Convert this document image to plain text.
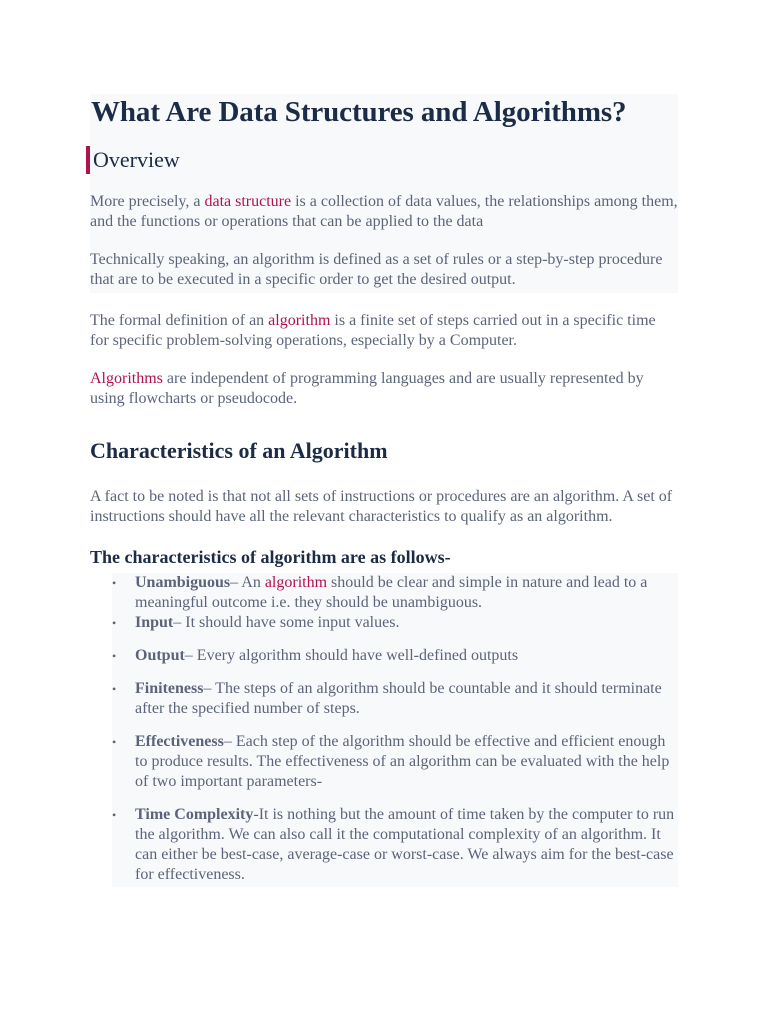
What Are Data Structures and Algorithms?
Overview

More precisely, a data structure is a collection of data values, the relationships among them, and the functions or operations that can be applied to the data

Technically speaking, an algorithm is defined as a set of rules or a step-by-step procedure that are to be executed in a specific order to get the desired output.

The formal definition of an algorithm is a finite set of steps carried out in a specific time for specific problem-solving operations, especially by a Computer.

Algorithms are independent of programming languages and are usually represented by using flowcharts or pseudocode.

Characteristics of an Algorithm

A fact to be noted is that not all sets of instructions or procedures are an algorithm. A set of instructions should have all the relevant characteristics to qualify as an algorithm.

The characteristics of algorithm are as follows-
• Unambiguous– An algorithm should be clear and simple in nature and lead to a meaningful outcome i.e. they should be unambiguous.
• Input– It should have some input values.
• Output– Every algorithm should have well-defined outputs
• Finiteness– The steps of an algorithm should be countable and it should terminate after the specified number of steps.
• Effectiveness– Each step of the algorithm should be effective and efficient enough to produce results. The effectiveness of an algorithm can be evaluated with the help of two important parameters-
• Time Complexity-It is nothing but the amount of time taken by the computer to run the algorithm. We can also call it the computational complexity of an algorithm. It can either be best-case, average-case or worst-case. We always aim for the best-case for effectiveness.
